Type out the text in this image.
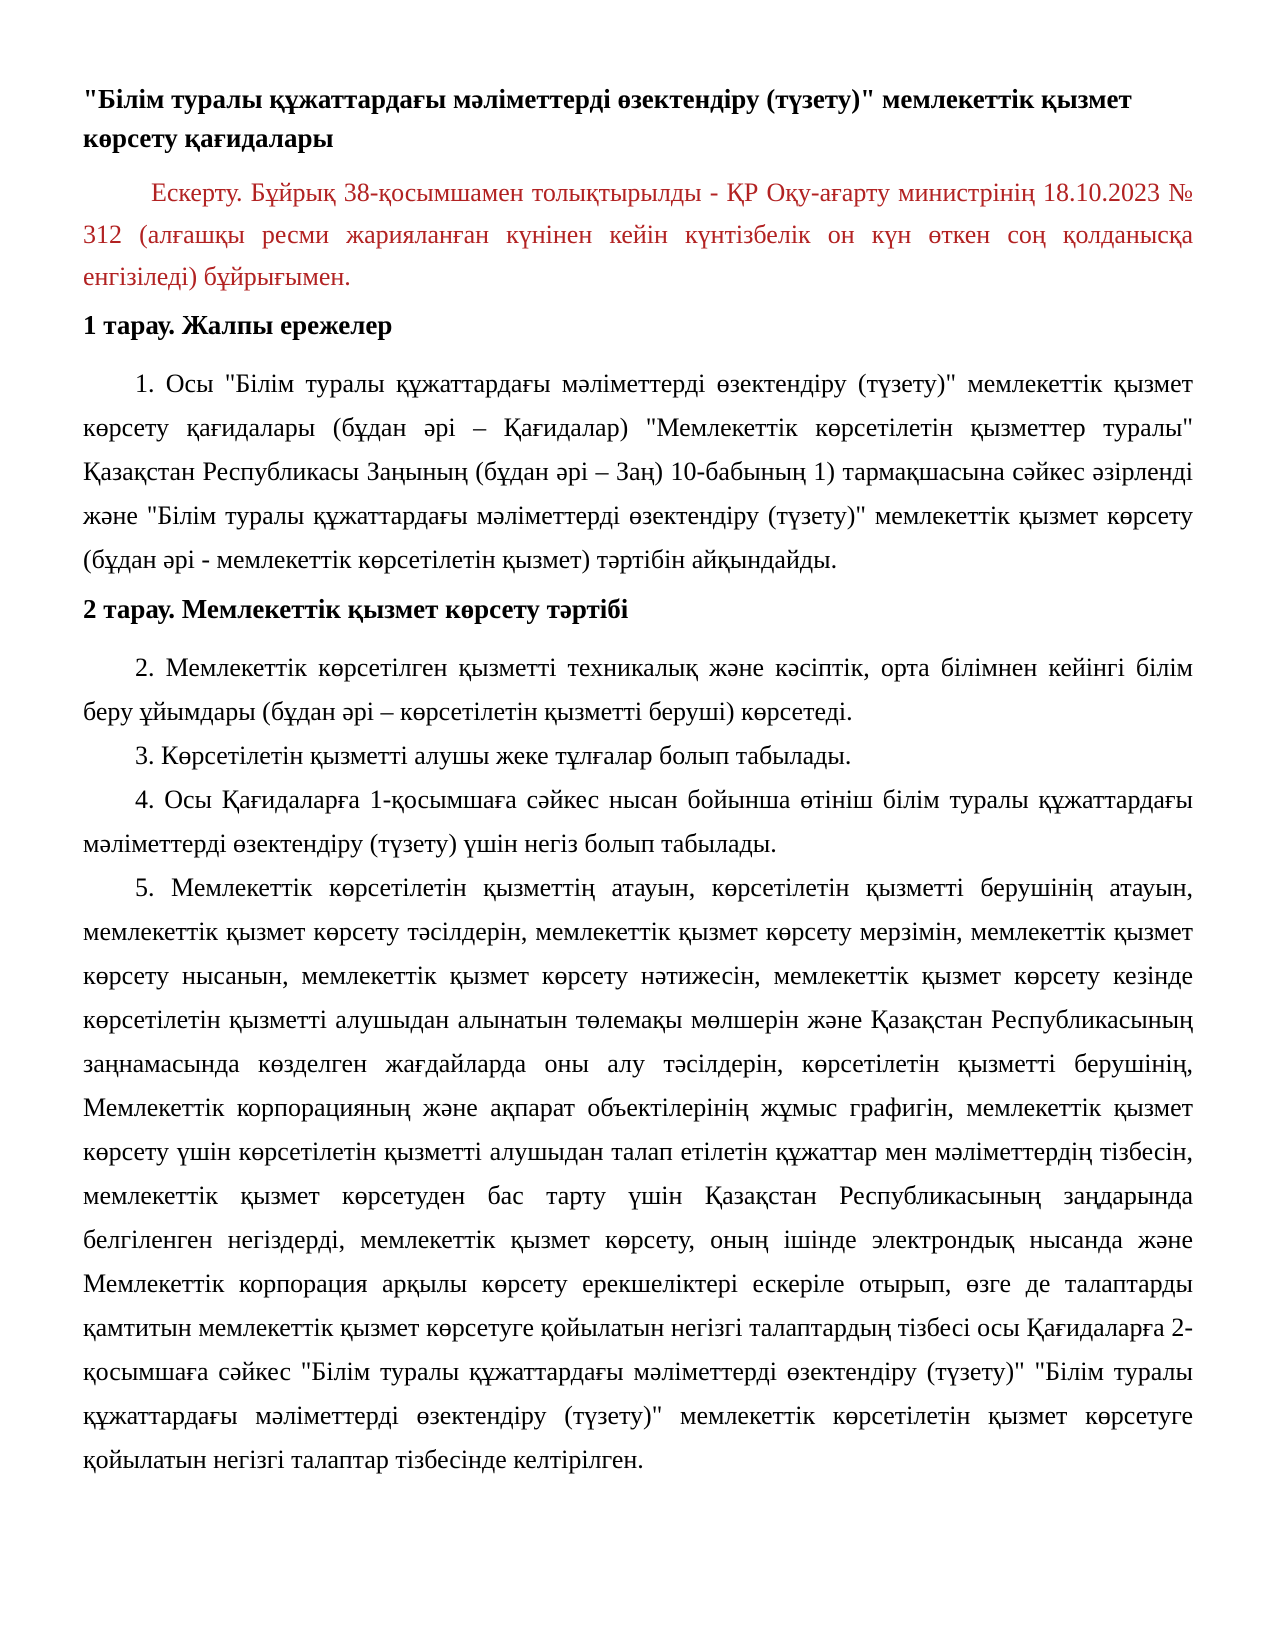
"Білім туралы құжаттардағы мәліметтерді өзектендіру (түзету)" мемлекеттік қызмет көрсету қағидалары

Ескерту. Бұйрық 38-қосымшамен толықтырылды - ҚР Оқу-ағарту министрінің 18.10.2023 № 312 (алғашқы ресми жарияланған күнінен кейін күнтізбелік он күн өткен соң қолданысқа енгізіледі) бұйрығымен.

1 тарау. Жалпы ережелер

1. Осы "Білім туралы құжаттардағы мәліметтерді өзектендіру (түзету)" мемлекеттік қызмет көрсету қағидалары (бұдан әрі – Қағидалар) "Мемлекеттік көрсетілетін қызметтер туралы" Қазақстан Республикасы Заңының (бұдан әрі – Заң) 10-бабының 1) тармақшасына сәйкес әзірленді және "Білім туралы құжаттардағы мәліметтерді өзектендіру (түзету)" мемлекеттік қызмет көрсету (бұдан әрі - мемлекеттік көрсетілетін қызмет) тәртібін айқындайды.

2 тарау. Мемлекеттік қызмет көрсету тәртібі

2. Мемлекеттік көрсетілген қызметті техникалық және кәсіптік, орта білімнен кейінгі білім беру ұйымдары (бұдан әрі – көрсетілетін қызметті беруші) көрсетеді.

3. Көрсетілетін қызметті алушы жеке тұлғалар болып табылады.

4. Осы Қағидаларға 1-қосымшаға сәйкес нысан бойынша өтініш білім туралы құжаттардағы мәліметтерді өзектендіру (түзету) үшін негіз болып табылады.

5. Мемлекеттік көрсетілетін қызметтің атауын, көрсетілетін қызметті берушінің атауын, мемлекеттік қызмет көрсету тәсілдерін, мемлекеттік қызмет көрсету мерзімін, мемлекеттік қызмет көрсету нысанын, мемлекеттік қызмет көрсету нәтижесін, мемлекеттік қызмет көрсету кезінде көрсетілетін қызметті алушыдан алынатын төлемақы мөлшерін және Қазақстан Республикасының заңнамасында көзделген жағдайларда оны алу тәсілдерін, көрсетілетін қызметті берушінің, Мемлекеттік корпорацияның және ақпарат объектілерінің жұмыс графигін, мемлекеттік қызмет көрсету үшін көрсетілетін қызметті алушыдан талап етілетін құжаттар мен мәліметтердің тізбесін, мемлекеттік қызмет көрсетуден бас тарту үшін Қазақстан Республикасының заңдарында белгіленген негіздерді, мемлекеттік қызмет көрсету, оның ішінде электрондық нысанда және Мемлекеттік корпорация арқылы көрсету ерекшеліктері ескеріле отырып, өзге де талаптарды қамтитын мемлекеттік қызмет көрсетуге қойылатын негізгі талаптардың тізбесі осы Қағидаларға 2-қосымшаға сәйкес "Білім туралы құжаттардағы мәліметтерді өзектендіру (түзету)" "Білім туралы құжаттардағы мәліметтерді өзектендіру (түзету)" мемлекеттік көрсетілетін қызмет көрсетуге қойылатын негізгі талаптар тізбесінде келтірілген.
